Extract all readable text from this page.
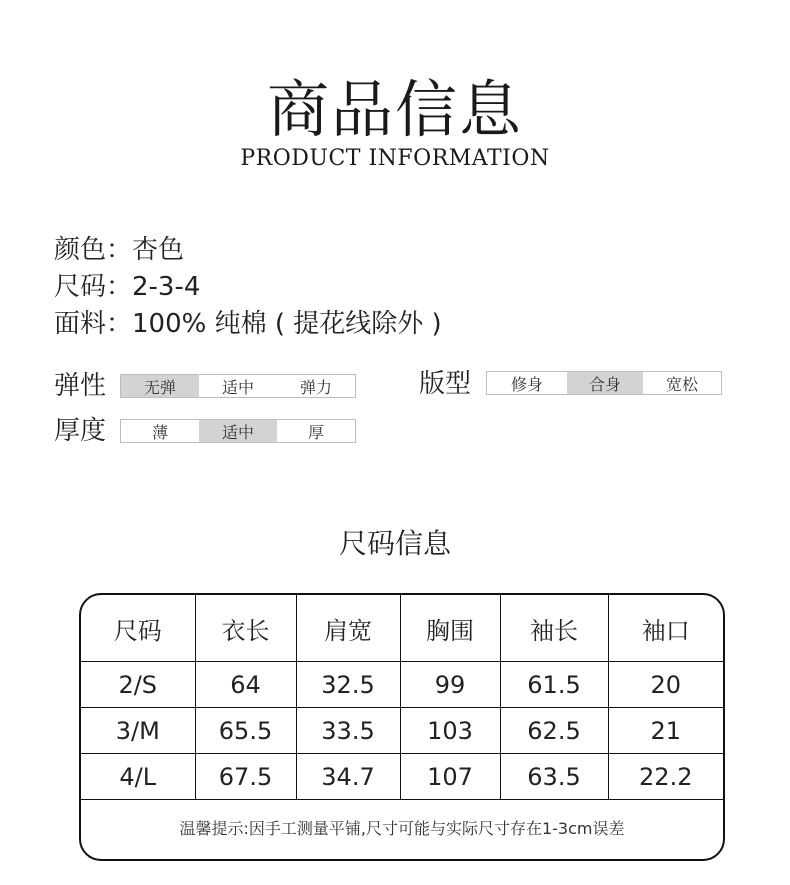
商品信息
PRODUCT INFORMATION
颜色：杏色
尺码：2-3-4
面料：100% 纯棉 ( 提花线除外 )
弹性	无弹	适中	弹力	版型	修身	合身	宽松
厚度	薄	适中	厚
尺码信息
尺码	衣长	肩宽	胸围	袖长	袖口
2/S	64	32.5	99	61.5	20
3/M	65.5	33.5	103	62.5	21
4/L	67.5	34.7	107	63.5	22.2
温馨提示:因手工测量平铺,尺寸可能与实际尺寸存在1-3cm误差
